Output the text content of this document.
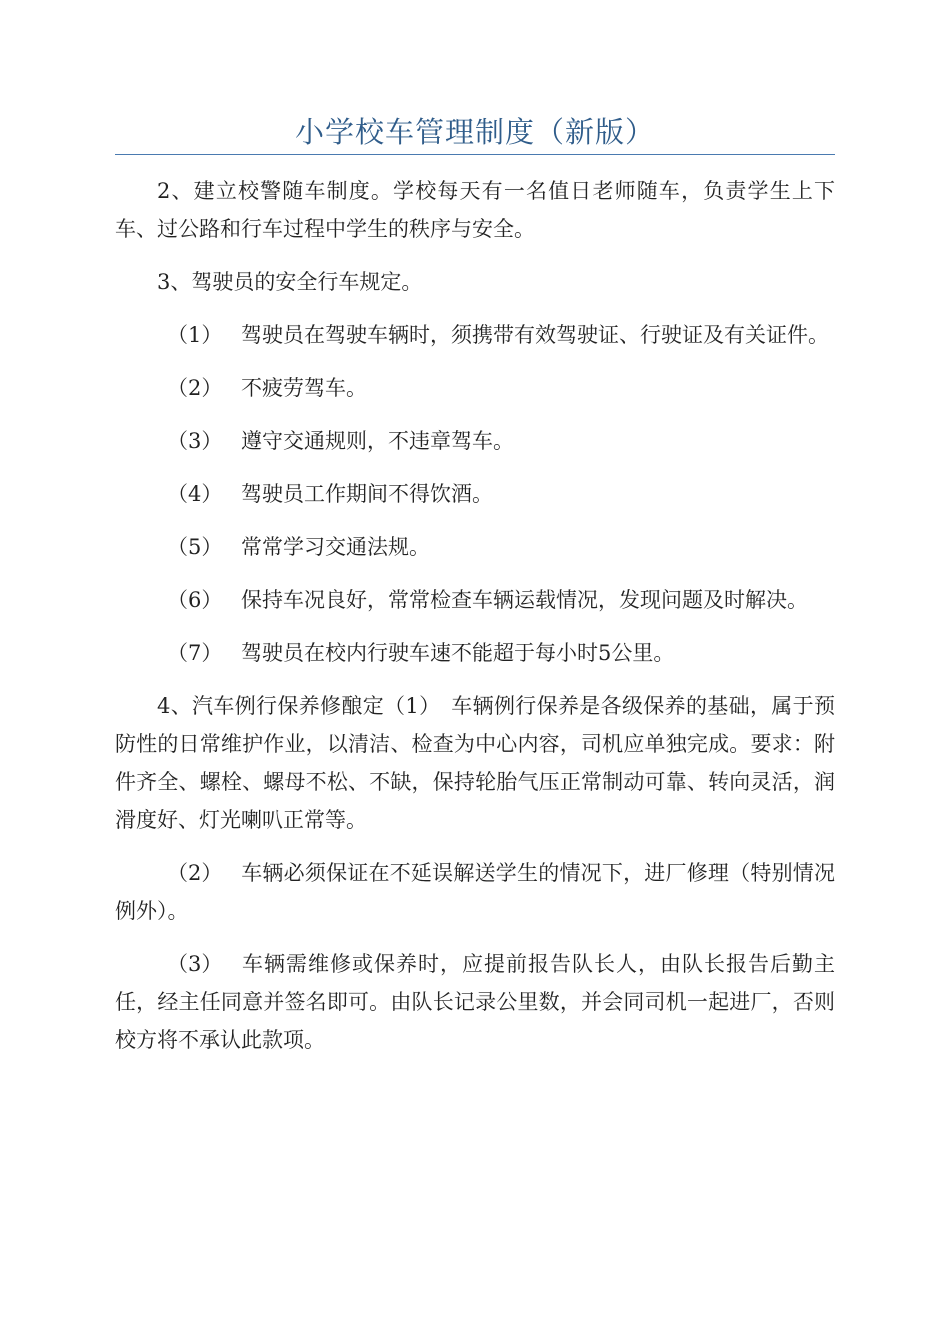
小学校车管理制度（新版）

2、建立校警随车制度。学校每天有一名值日老师随车，负责学生上下车、过公路和行车过程中学生的秩序与安全。

3、驾驶员的安全行车规定。

（1） 驾驶员在驾驶车辆时，须携带有效驾驶证、行驶证及有关证件。

（2） 不疲劳驾车。

（3） 遵守交通规则，不违章驾车。

（4） 驾驶员工作期间不得饮酒。

（5） 常常学习交通法规。

（6） 保持车况良好，常常检查车辆运载情况，发现问题及时解决。

（7） 驾驶员在校内行驶车速不能超于每小时5公里。

4、汽车例行保养修酿定（1）　车辆例行保养是各级保养的基础，属于预防性的日常维护作业，以清洁、检查为中心内容，司机应单独完成。要求：附件齐全、螺栓、螺母不松、不缺，保持轮胎气压正常制动可靠、转向灵活，润滑度好、灯光喇叭正常等。

（2） 车辆必须保证在不延误解送学生的情况下，进厂修理（特别情况例外）。

（3） 车辆需维修或保养时，应提前报告队长人，由队长报告后勤主任，经主任同意并签名即可。由队长记录公里数，并会同司机一起进厂，否则校方将不承认此款项。
